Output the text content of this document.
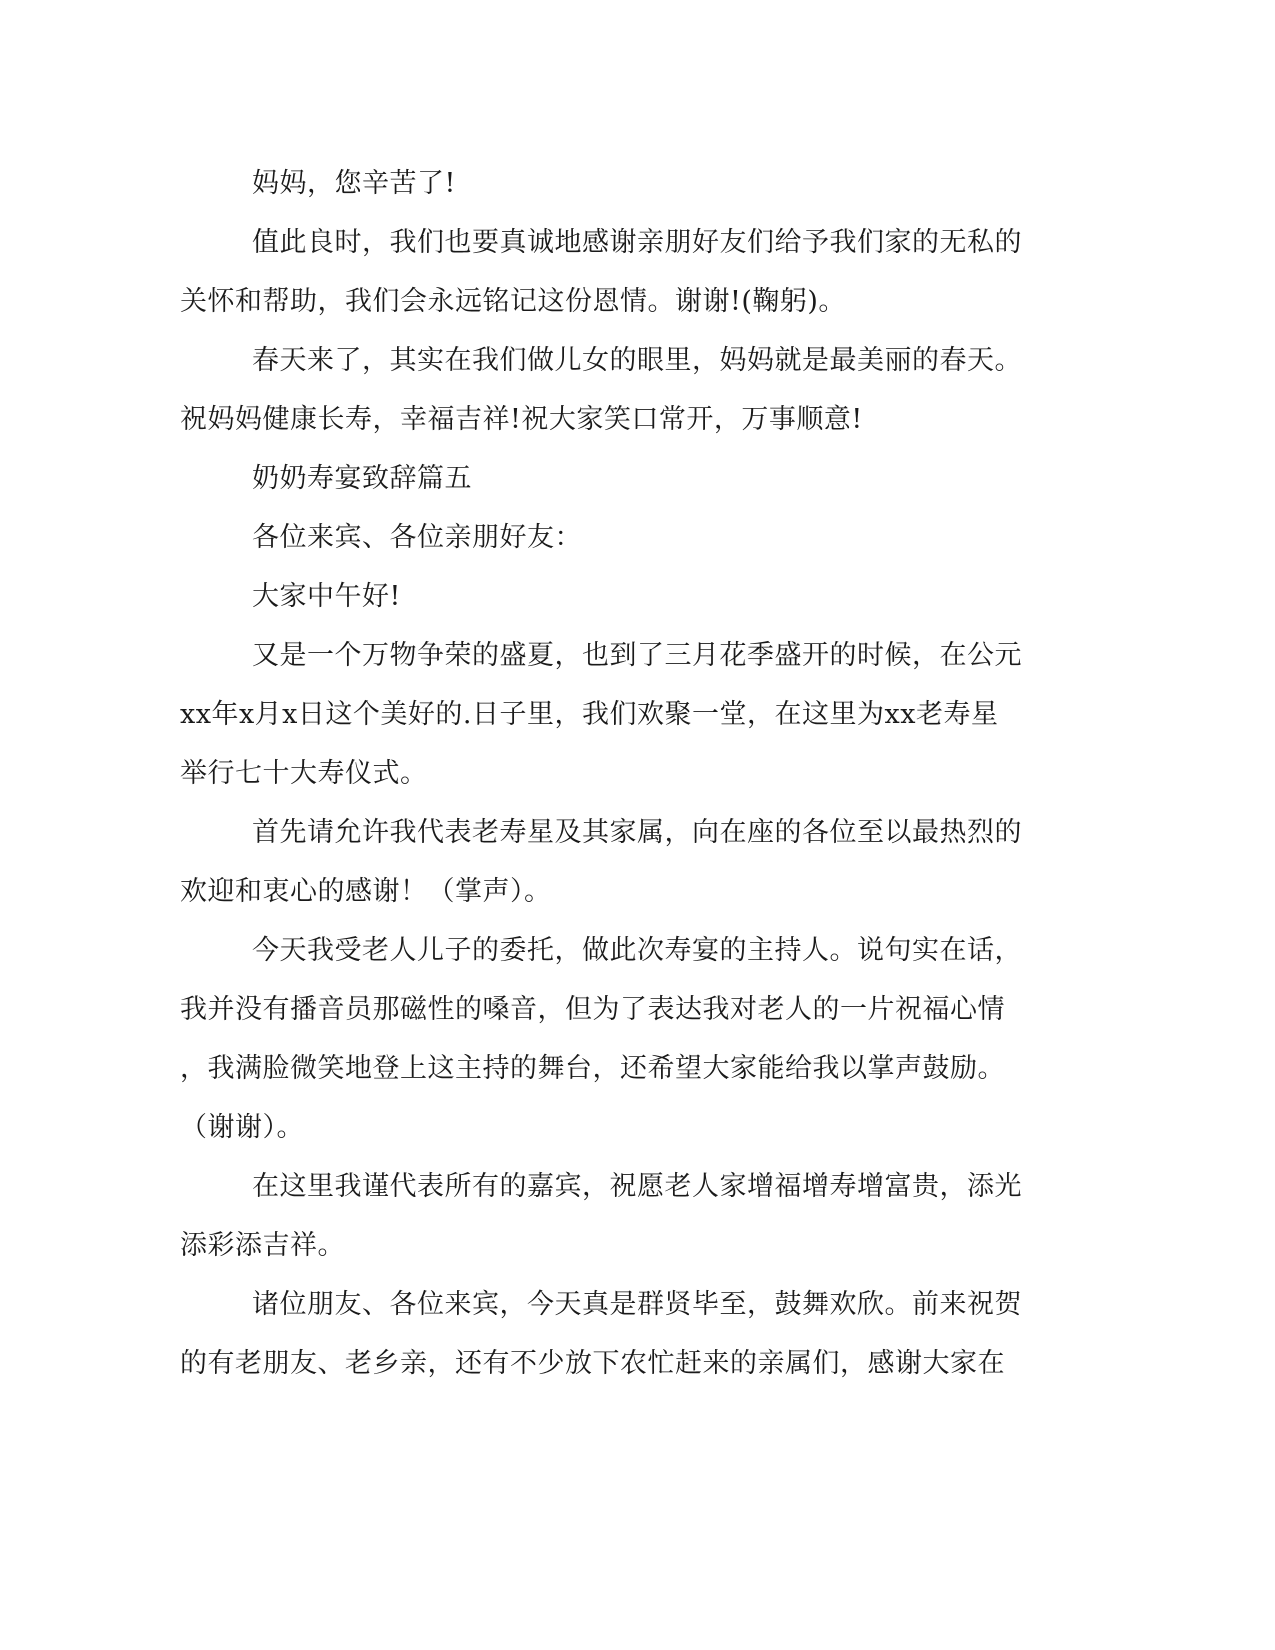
妈妈，您辛苦了!
值此良时，我们也要真诚地感谢亲朋好友们给予我们家的无私的
关怀和帮助，我们会永远铭记这份恩情。谢谢!(鞠躬)。
春天来了，其实在我们做儿女的眼里，妈妈就是最美丽的春天。
祝妈妈健康长寿，幸福吉祥!祝大家笑口常开，万事顺意!
奶奶寿宴致辞篇五
各位来宾、各位亲朋好友：
大家中午好!
又是一个万物争荣的盛夏，也到了三月花季盛开的时候，在公元
xx年x月x日这个美好的.日子里，我们欢聚一堂，在这里为xx老寿星
举行七十大寿仪式。
首先请允许我代表老寿星及其家属，向在座的各位至以最热烈的
欢迎和衷心的感谢！（掌声）。
今天我受老人儿子的委托，做此次寿宴的主持人。说句实在话，
我并没有播音员那磁性的嗓音，但为了表达我对老人的一片祝福心情
，我满脸微笑地登上这主持的舞台，还希望大家能给我以掌声鼓励。
（谢谢）。
在这里我谨代表所有的嘉宾，祝愿老人家增福增寿增富贵，添光
添彩添吉祥。
诸位朋友、各位来宾，今天真是群贤毕至，鼓舞欢欣。前来祝贺
的有老朋友、老乡亲，还有不少放下农忙赶来的亲属们，感谢大家在
